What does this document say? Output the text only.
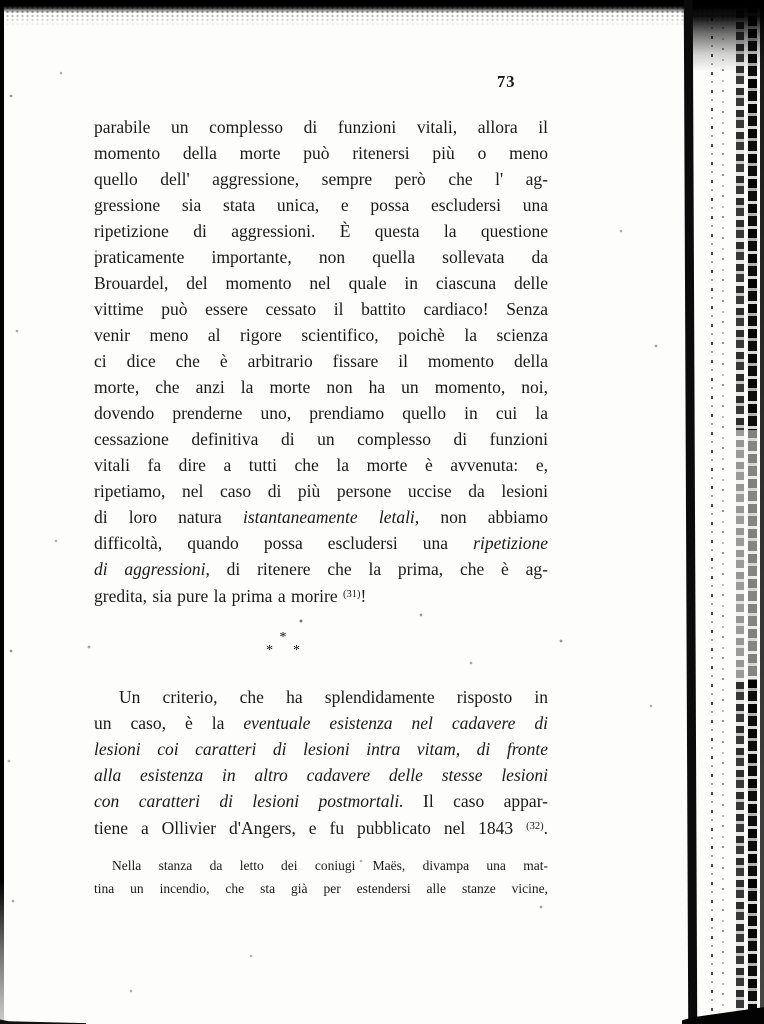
73
parabile un complesso di funzioni vitali, allora il
momento della morte può ritenersi più o meno
quello dell' aggressione, sempre però che l' ag-
gressione sia stata unica, e possa escludersi una
ripetizione di aggressioni. È questa la questione
praticamente importante, non quella sollevata da
Brouardel, del momento nel quale in ciascuna delle
vittime può essere cessato il battito cardiaco! Senza
venir meno al rigore scientifico, poichè la scienza
ci dice che è arbitrario fissare il momento della
morte, che anzi la morte non ha un momento, noi,
dovendo prenderne uno, prendiamo quello in cui la
cessazione definitiva di un complesso di funzioni
vitali fa dire a tutti che la morte è avvenuta: e,
ripetiamo, nel caso di più persone uccise da lesioni
di loro natura istantaneamente letali, non abbiamo
difficoltà, quando possa escludersi una ripetizione
di aggressioni, di ritenere che la prima, che è ag-
gredita, sia pure la prima a morire $^{(31)}$!
*
* *
Un criterio, che ha splendidamente risposto in
un caso, è la eventuale esistenza nel cadavere di
lesioni coi caratteri di lesioni intra vitam, di fronte
alla esistenza in altro cadavere delle stesse lesioni
con caratteri di lesioni postmortali. Il caso appar-
tiene a Ollivier d'Angers, e fu pubblicato nel 1843 $^{(32)}$.
Nella stanza da letto dei coniugi Maës, divampa una mat-
tina un incendio, che sta già per estendersi alle stanze vicine,
